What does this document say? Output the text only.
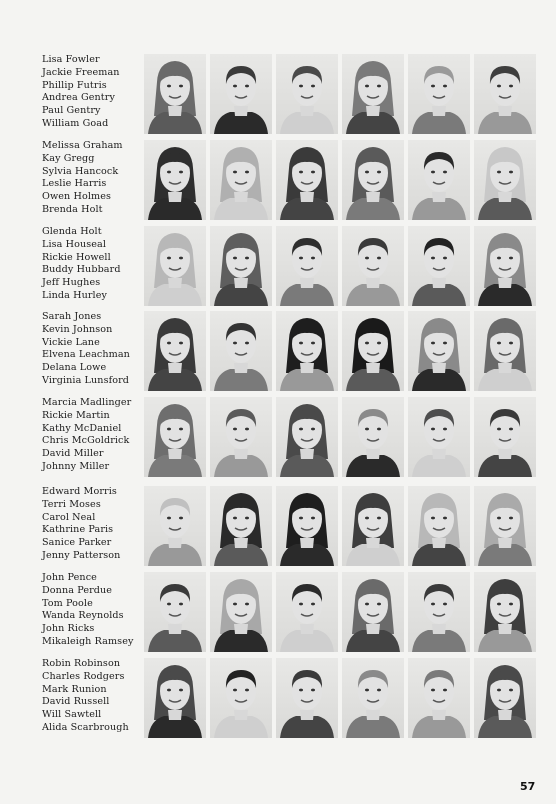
Lisa Fowler
Jackie Freeman
Phillip Futris
Andrea Gentry
Paul Gentry
William Goad
Melissa Graham
Kay Gregg
Sylvia Hancock
Leslie Harris
Owen Holmes
Brenda Holt
Glenda Holt
Lisa Houseal
Rickie Howell
Buddy Hubbard
Jeff Hughes
Linda Hurley
Sarah Jones
Kevin Johnson
Vickie Lane
Elvena Leachman
Delana Lowe
Virginia Lunsford
Marcia Madlinger
Rickie Martin
Kathy McDaniel
Chris McGoldrick
David Miller
Johnny Miller
Edward Morris
Terri Moses
Carol Neal
Kathrine Paris
Sanice Parker
Jenny Patterson
John Pence
Donna Perdue
Tom Poole
Wanda Reynolds
John Ricks
Mikaleigh Ramsey
Robin Robinson
Charles Rodgers
Mark Runion
David Russell
Will Sawtell
Alida Scarbrough
57
